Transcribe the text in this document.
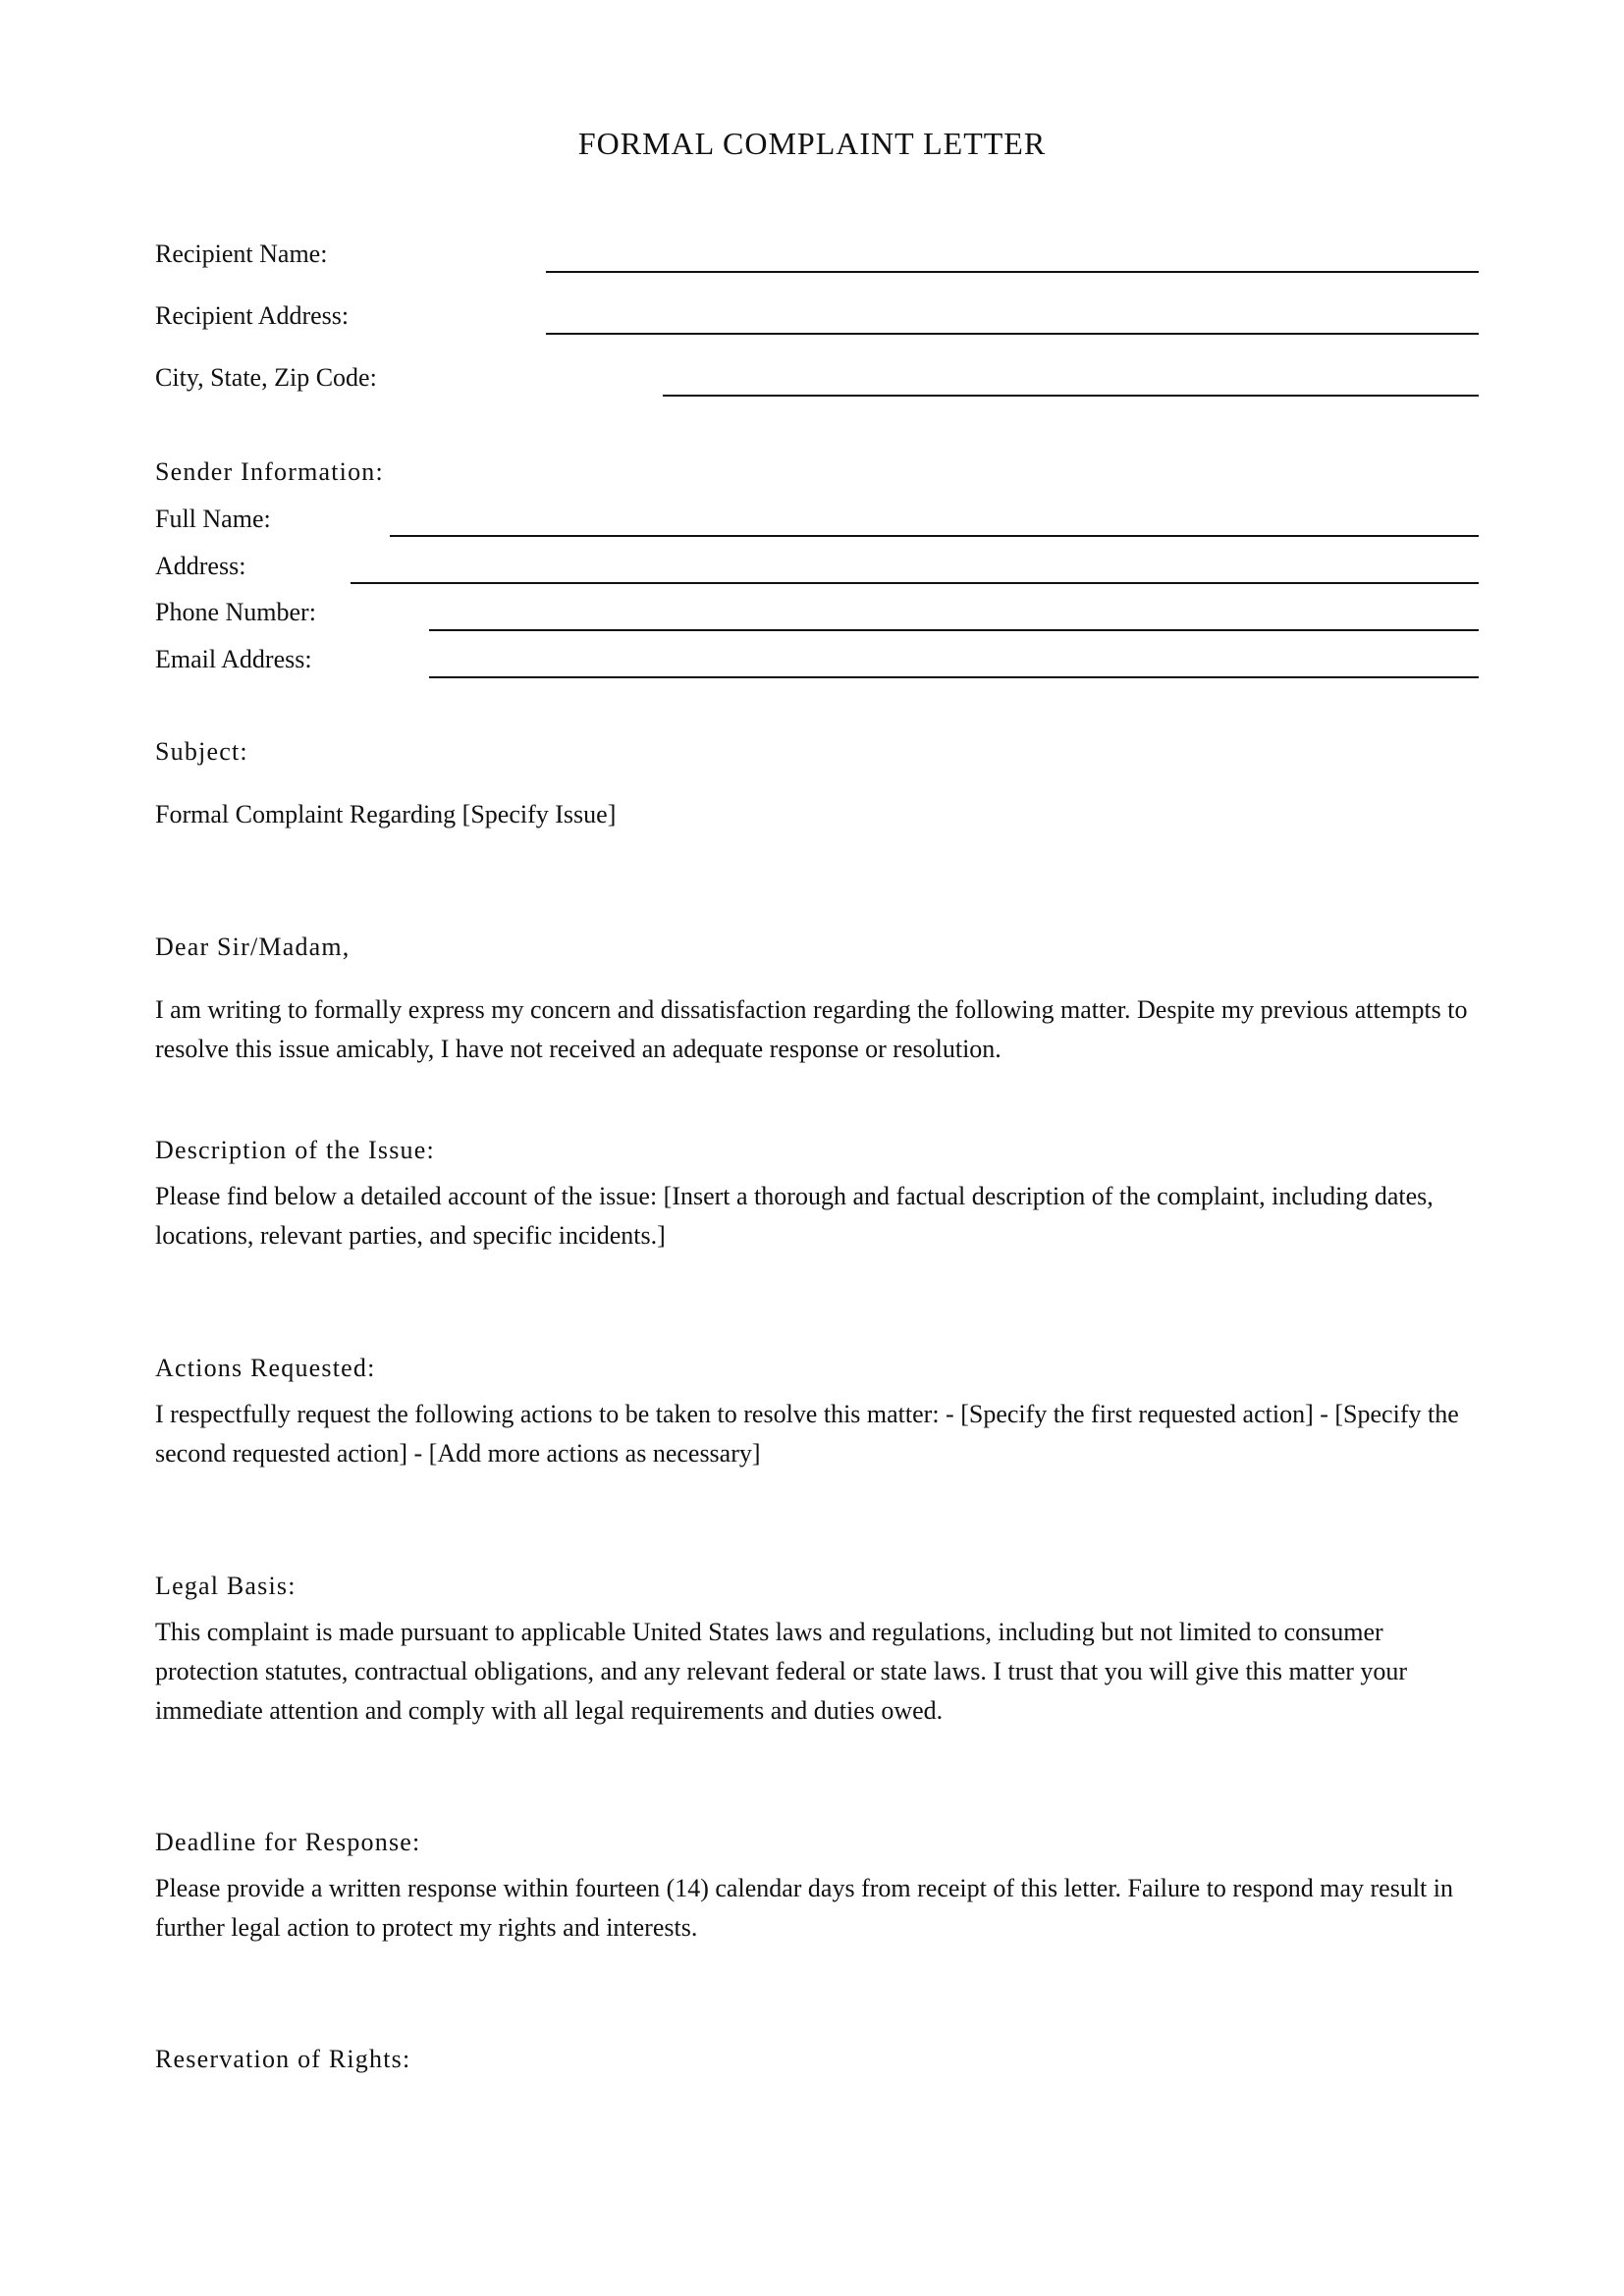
FORMAL COMPLAINT LETTER
Recipient Name:
Recipient Address:
City, State, Zip Code:
Sender Information:
Full Name:
Address:
Phone Number:
Email Address:
Subject:
Formal Complaint Regarding [Specify Issue]
Dear Sir/Madam,
I am writing to formally express my concern and dissatisfaction regarding the following matter. Despite my previous attempts to resolve this issue amicably, I have not received an adequate response or resolution.
Description of the Issue:
Please find below a detailed account of the issue: [Insert a thorough and factual description of the complaint, including dates, locations, relevant parties, and specific incidents.]
Actions Requested:
I respectfully request the following actions to be taken to resolve this matter: - [Specify the first requested action] - [Specify the second requested action] - [Add more actions as necessary]
Legal Basis:
This complaint is made pursuant to applicable United States laws and regulations, including but not limited to consumer protection statutes, contractual obligations, and any relevant federal or state laws. I trust that you will give this matter your immediate attention and comply with all legal requirements and duties owed.
Deadline for Response:
Please provide a written response within fourteen (14) calendar days from receipt of this letter. Failure to respond may result in further legal action to protect my rights and interests.
Reservation of Rights:
